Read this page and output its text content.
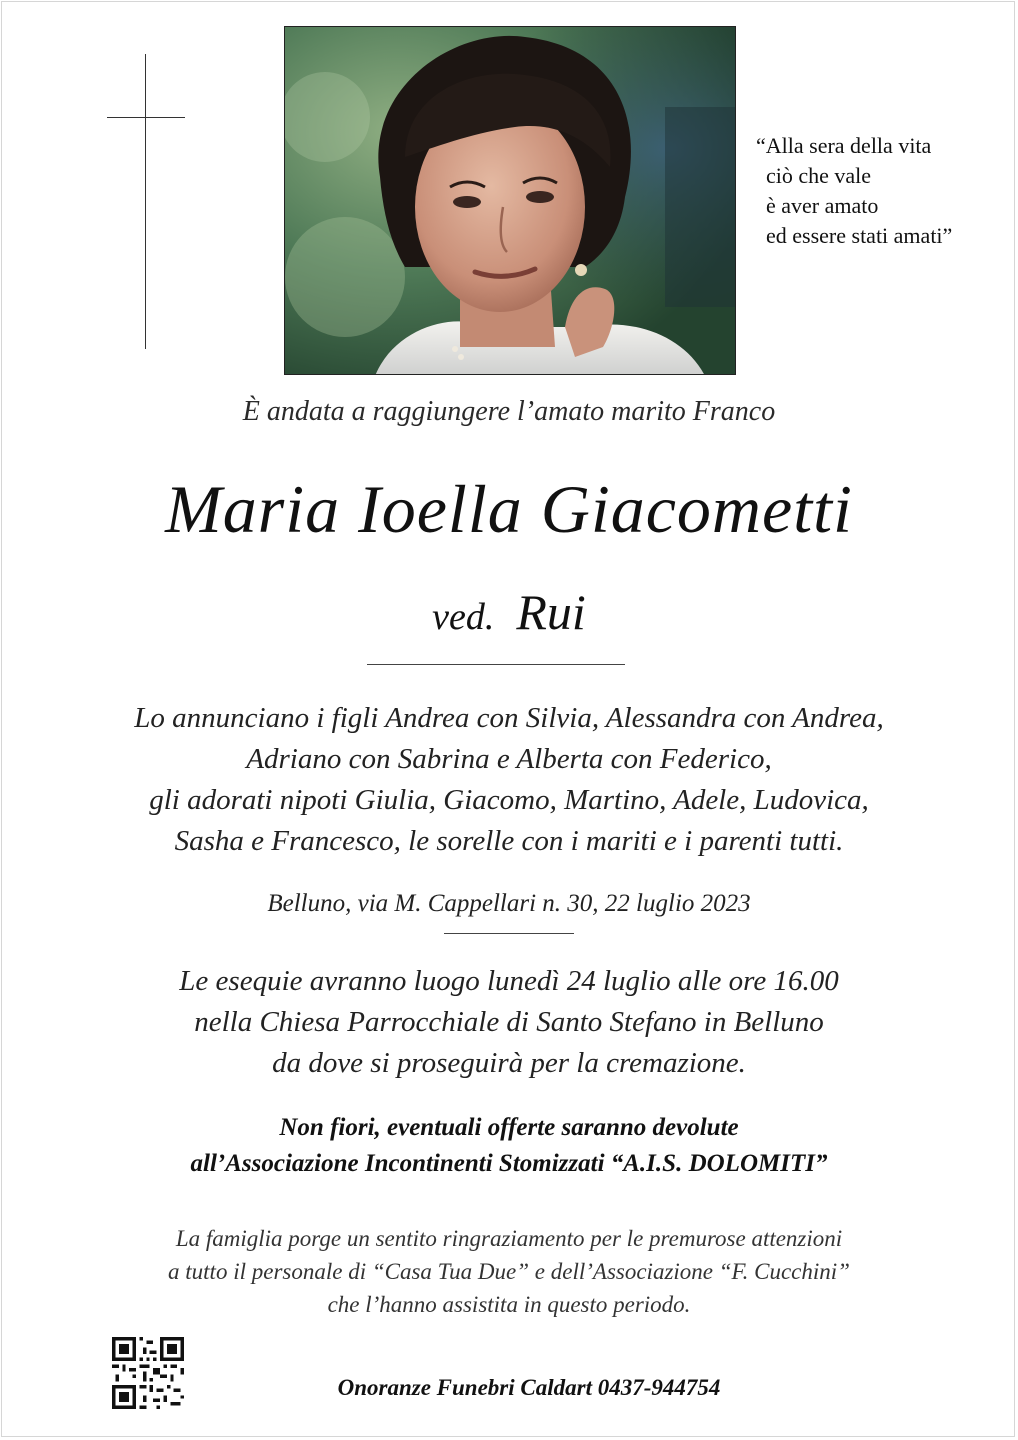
“Alla sera della vita
ciò che vale
è aver amato
ed essere stati amati”
È andata a raggiungere l’amato marito Franco
Maria Ioella Giacometti
ved. Rui
Lo annunciano i figli Andrea con Silvia, Alessandra con Andrea,
Adriano con Sabrina e Alberta con Federico,
gli adorati nipoti Giulia, Giacomo, Martino, Adele, Ludovica,
Sasha e Francesco, le sorelle con i mariti e i parenti tutti.
Belluno, via M. Cappellari n. 30, 22 luglio 2023
Le esequie avranno luogo lunedì 24 luglio alle ore 16.00
nella Chiesa Parrocchiale di Santo Stefano in Belluno
da dove si proseguirà per la cremazione.
Non fiori, eventuali offerte saranno devolute
all’Associazione Incontinenti Stomizzati “A.I.S. DOLOMITI”
La famiglia porge un sentito ringraziamento per le premurose attenzioni
a tutto il personale di “Casa Tua Due” e dell’Associazione “F. Cucchini”
che l’hanno assistita in questo periodo.
Onoranze Funebri Caldart 0437-944754
